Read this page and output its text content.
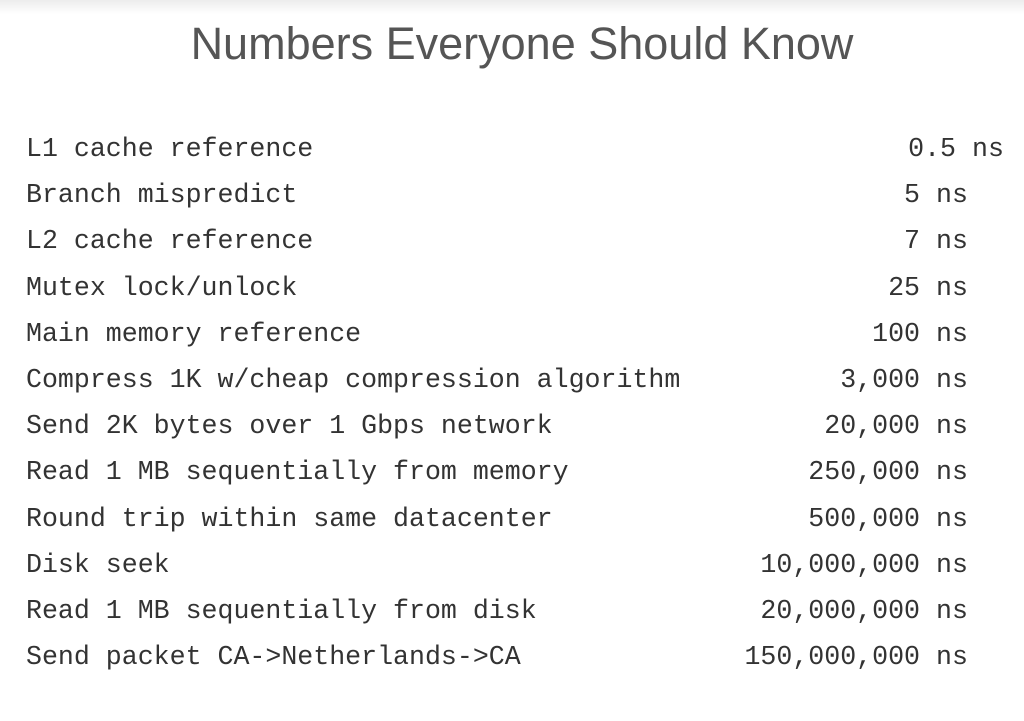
Numbers Everyone Should Know
L1 cache reference	0.5 ns
Branch mispredict	5 ns
L2 cache reference	7 ns
Mutex lock/unlock	25 ns
Main memory reference	100 ns
Compress 1K w/cheap compression algorithm	3,000 ns
Send 2K bytes over 1 Gbps network	20,000 ns
Read 1 MB sequentially from memory	250,000 ns
Round trip within same datacenter	500,000 ns
Disk seek	10,000,000 ns
Read 1 MB sequentially from disk	20,000,000 ns
Send packet CA->Netherlands->CA	150,000,000 ns
